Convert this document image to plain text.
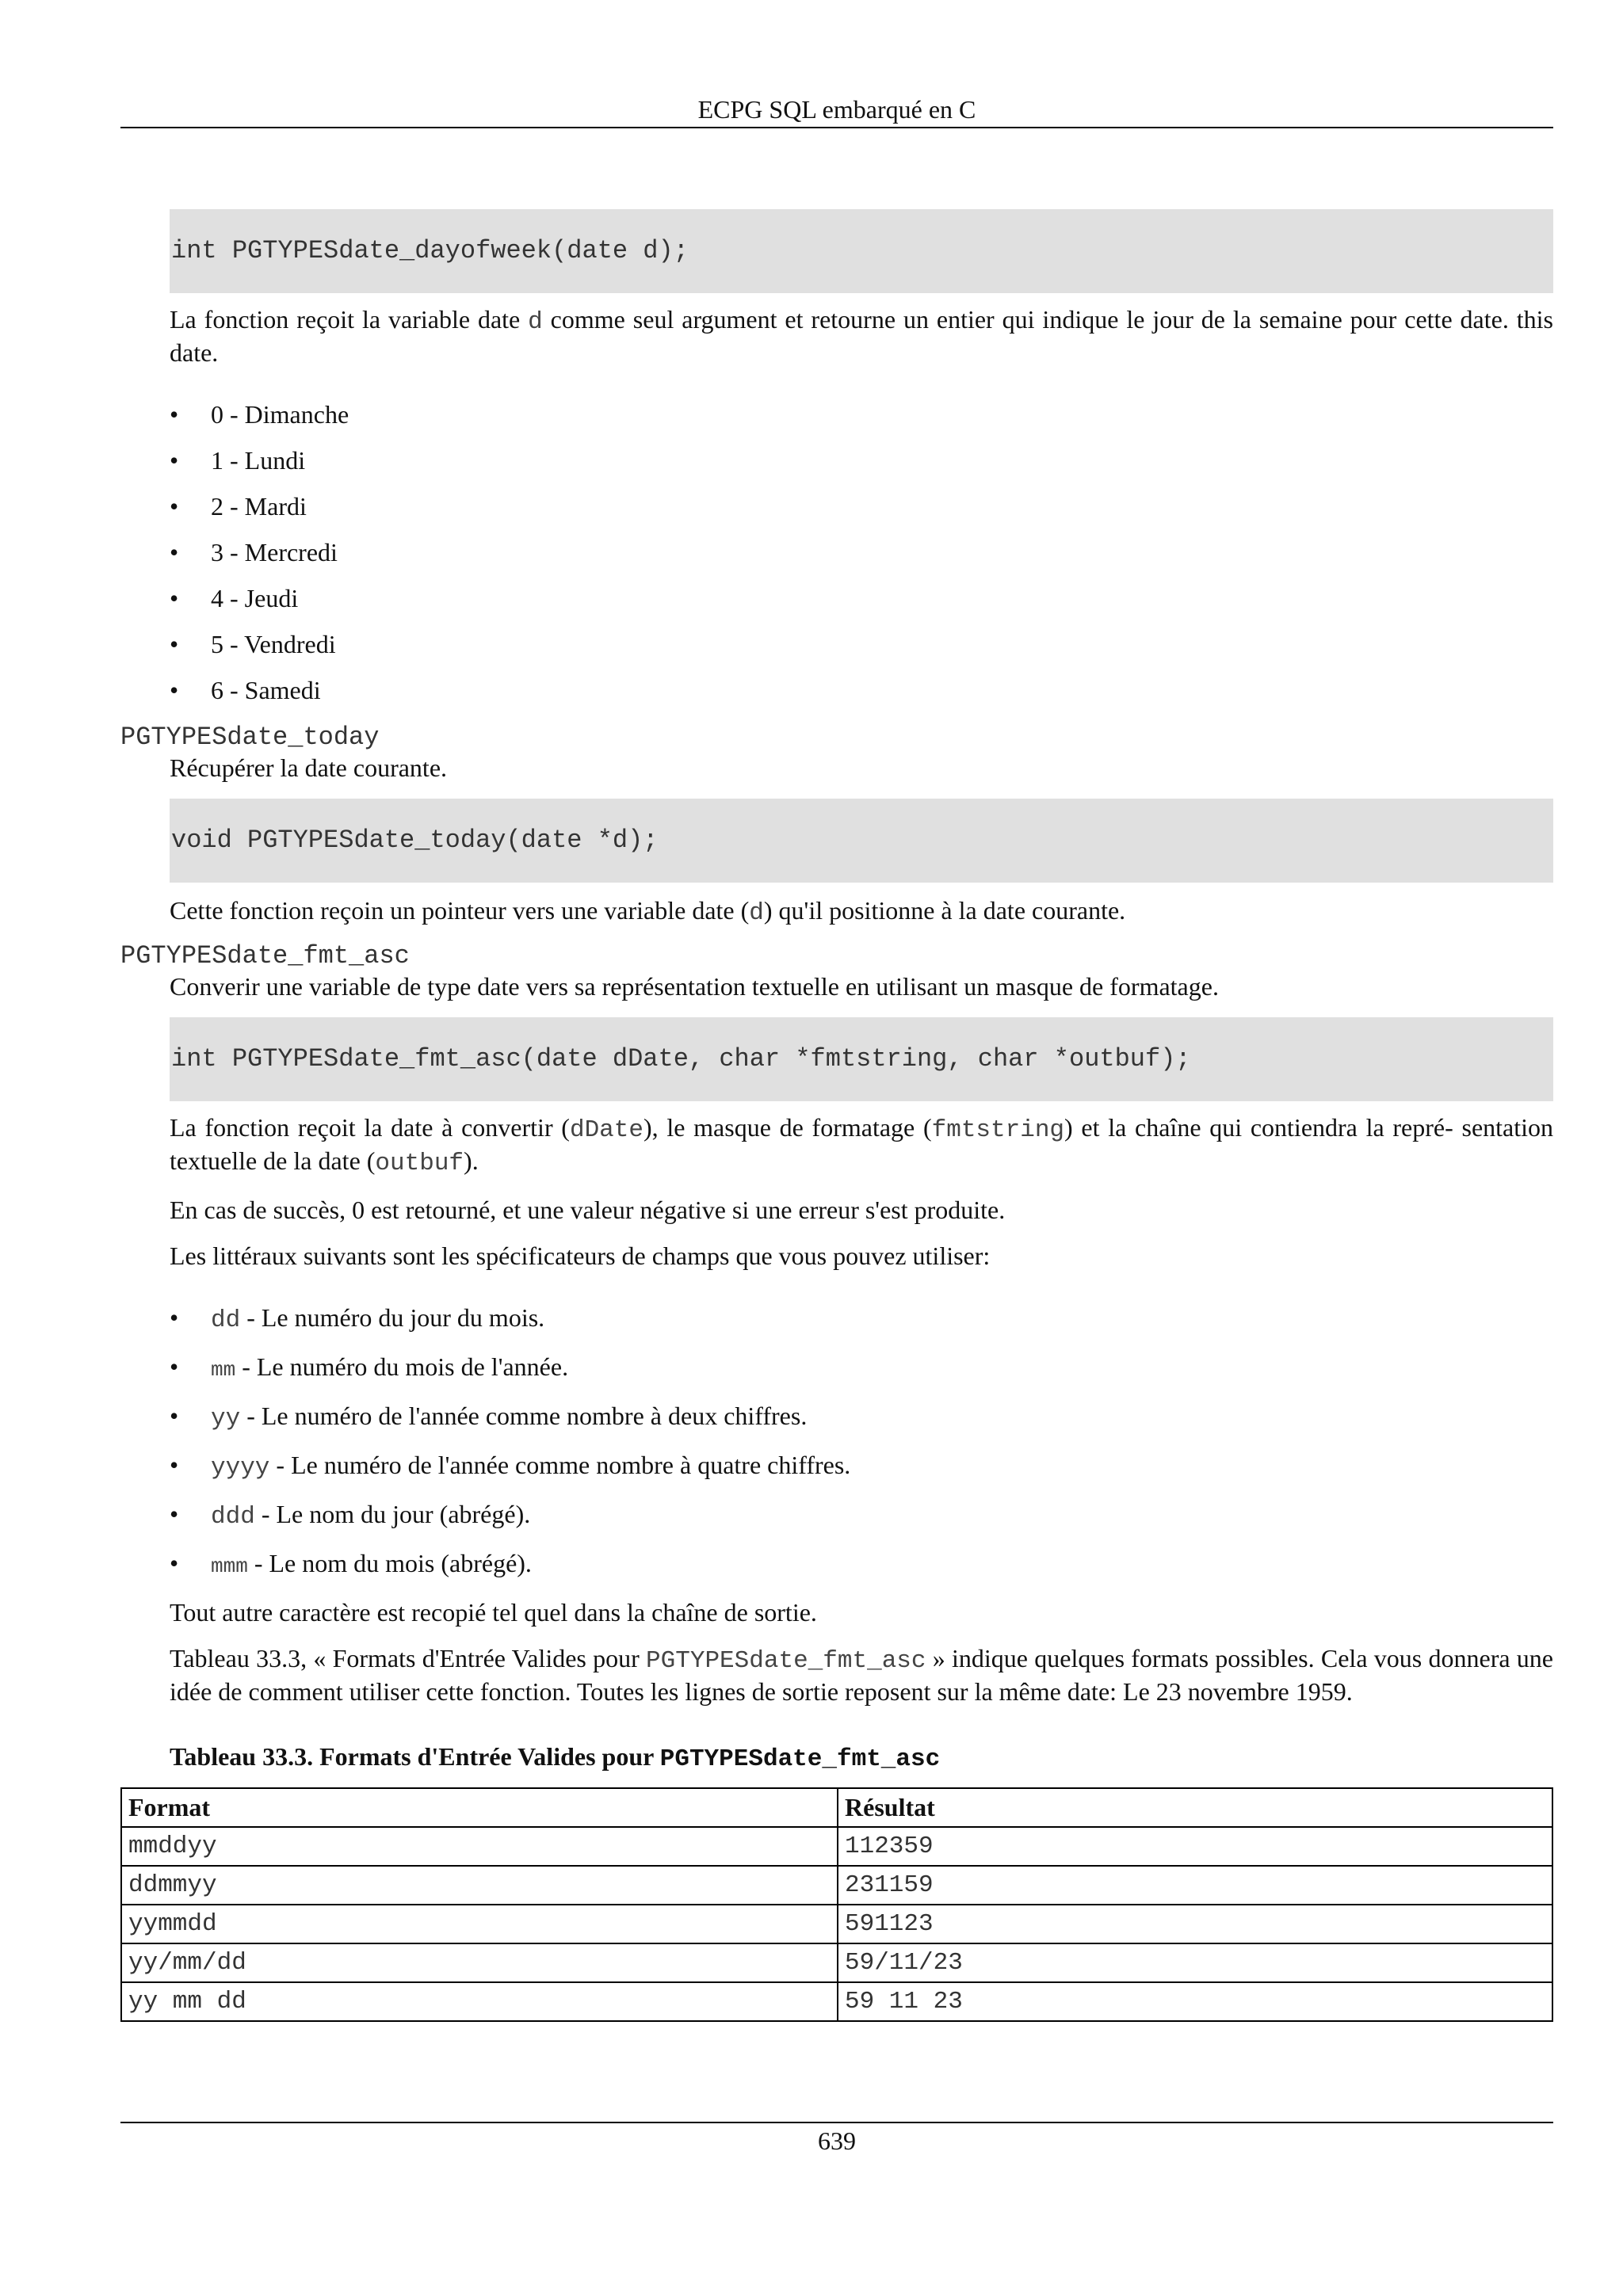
ECPG SQL embarqué en C
int PGTYPESdate_dayofweek(date d);

La fonction reçoit la variable date d comme seul argument et retourne un entier qui indique le jour de la semaine pour cette date. this date.

• 0 - Dimanche
• 1 - Lundi
• 2 - Mardi
• 3 - Mercredi
• 4 - Jeudi
• 5 - Vendredi
• 6 - Samedi
PGTYPESdate_today

Récupérer la date courante.

void PGTYPESdate_today(date *d);

Cette fonction reçoin un pointeur vers une variable date (d) qu'il positionne à la date courante.

PGTYPESdate_fmt_asc

Converir une variable de type date vers sa représentation textuelle en utilisant un masque de formatage.

int PGTYPESdate_fmt_asc(date dDate, char *fmtstring, char *outbuf);

La fonction reçoit la date à convertir (dDate), le masque de formatage (fmtstring) et la chaîne qui contiendra la repré- sentation textuelle de la date (outbuf).

En cas de succès, 0 est retourné, et une valeur négative si une erreur s'est produite.

Les littéraux suivants sont les spécificateurs de champs que vous pouvez utiliser:

• dd - Le numéro du jour du mois.
• mm - Le numéro du mois de l'année.
• yy - Le numéro de l'année comme nombre à deux chiffres.
• yyyy - Le numéro de l'année comme nombre à quatre chiffres.
• ddd - Le nom du jour (abrégé).
• mmm - Le nom du mois (abrégé).

Tout autre caractère est recopié tel quel dans la chaîne de sortie.

Tableau 33.3, « Formats d'Entrée Valides pour PGTYPESdate_fmt_asc » indique quelques formats possibles. Cela vous donnera une idée de comment utiliser cette fonction. Toutes les lignes de sortie reposent sur la même date: Le 23 novembre 1959.

Tableau 33.3. Formats d'Entrée Valides pour PGTYPESdate_fmt_asc
Format	Résultat
mmddyy	112359
ddmmyy	231159
yymmdd	591123
yy/mm/dd	59/11/23
yy mm dd	59 11 23
639
